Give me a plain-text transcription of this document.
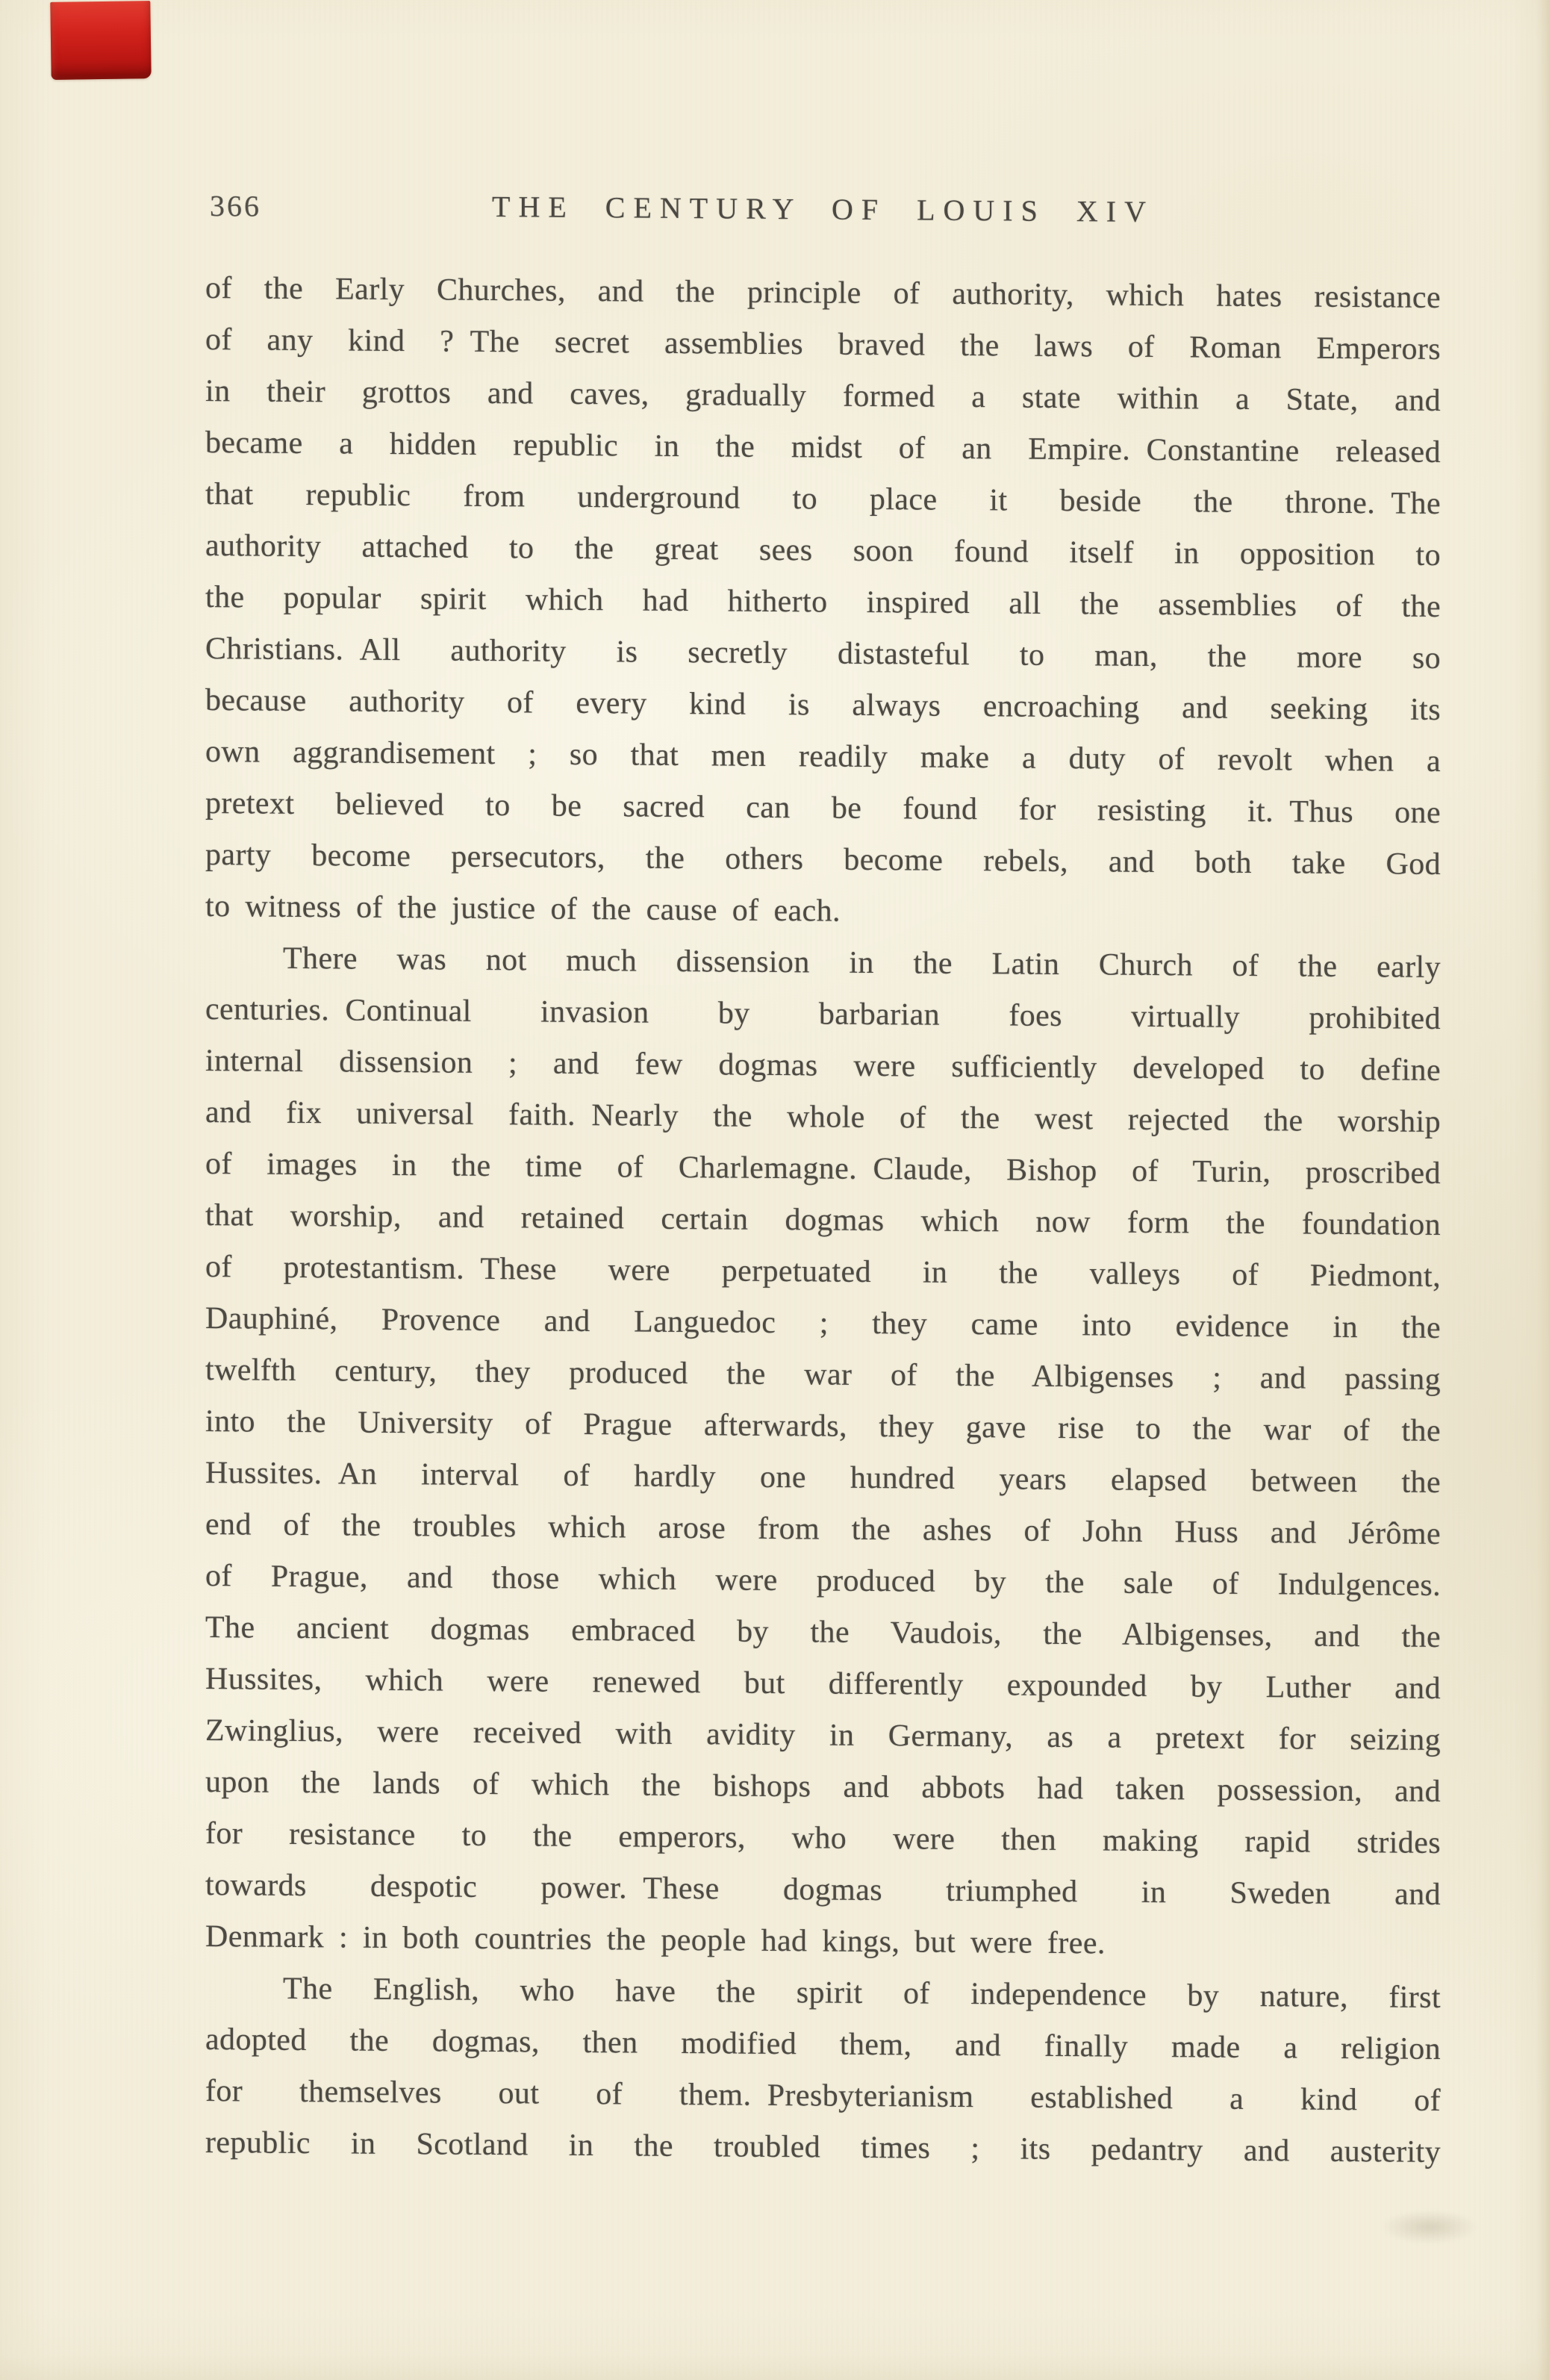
366	THE CENTURY OF LOUIS XIV
of the Early Churches, and the principle of authority, which hates resistance
of any kind ? The secret assemblies braved the laws of Roman Emperors
in their grottos and caves, gradually formed a state within a State, and
became a hidden republic in the midst of an Empire. Constantine released
that republic from underground to place it beside the throne. The
authority attached to the great sees soon found itself in opposition to
the popular spirit which had hitherto inspired all the assemblies of the
Christians. All authority is secretly distasteful to man, the more so
because authority of every kind is always encroaching and seeking its
own aggrandisement ; so that men readily make a duty of revolt when a
pretext believed to be sacred can be found for resisting it. Thus one
party become persecutors, the others become rebels, and both take God
to witness of the justice of the cause of each.
There was not much dissension in the Latin Church of the early
centuries. Continual invasion by barbarian foes virtually prohibited
internal dissension ; and few dogmas were sufficiently developed to define
and fix universal faith. Nearly the whole of the west rejected the worship
of images in the time of Charlemagne. Claude, Bishop of Turin, proscribed
that worship, and retained certain dogmas which now form the foundation
of protestantism. These were perpetuated in the valleys of Piedmont,
Dauphiné, Provence and Languedoc ; they came into evidence in the
twelfth century, they produced the war of the Albigenses ; and passing
into the University of Prague afterwards, they gave rise to the war of the
Hussites. An interval of hardly one hundred years elapsed between the
end of the troubles which arose from the ashes of John Huss and Jérôme
of Prague, and those which were produced by the sale of Indulgences.
The ancient dogmas embraced by the Vaudois, the Albigenses, and the
Hussites, which were renewed but differently expounded by Luther and
Zwinglius, were received with avidity in Germany, as a pretext for seizing
upon the lands of which the bishops and abbots had taken possession, and
for resistance to the emperors, who were then making rapid strides
towards despotic power. These dogmas triumphed in Sweden and
Denmark : in both countries the people had kings, but were free.
The English, who have the spirit of independence by nature, first
adopted the dogmas, then modified them, and finally made a religion
for themselves out of them. Presbyterianism established a kind of
republic in Scotland in the troubled times ; its pedantry and austerity
